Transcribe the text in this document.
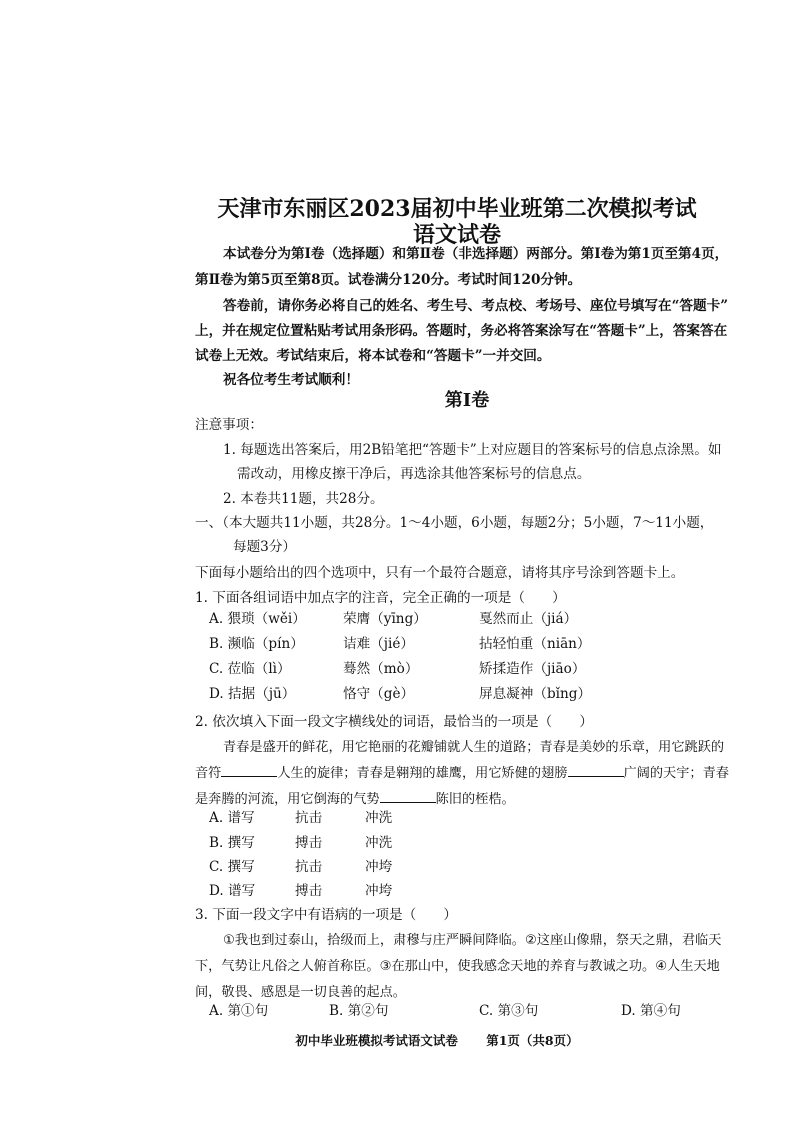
天津市东丽区2023届初中毕业班第二次模拟考试
语文试卷
本试卷分为第Ⅰ卷（选择题）和第Ⅱ卷（非选择题）两部分。第Ⅰ卷为第1页至第4页，
第Ⅱ卷为第5页至第8页。试卷满分120分。考试时间120分钟。
答卷前，请你务必将自己的姓名、考生号、考点校、考场号、座位号填写在“答题卡”
上，并在规定位置粘贴考试用条形码。答题时，务必将答案涂写在“答题卡”上，答案答在
试卷上无效。考试结束后，将本试卷和“答题卡”一并交回。
祝各位考生考试顺利！
第Ⅰ卷
注意事项：
1. 每题选出答案后，用2B铅笔把“答题卡”上对应题目的答案标号的信息点涂黑。如
需改动，用橡皮擦干净后，再选涂其他答案标号的信息点。
2. 本卷共11题，共28分。
一、（本大题共11小题，共28分。1～4小题，6小题，每题2分；5小题，7～11小题，
每题3分）
下面每小题给出的四个选项中，只有一个最符合题意，请将其序号涂到答题卡上。
1. 下面各组词语中加点字的注音，完全正确的一项是（　　）
A. 猥琐（wěi）	荣膺（yīng）	戛然而止（jiá）
B. 濒临（pín）	诘难（jié）	拈轻怕重（niān）
C. 莅临（lì）	蓦然（mò）	矫揉造作（jiāo）
D. 拮据（jū）	恪守（gè）	屏息凝神（bǐng）
2. 依次填入下面一段文字横线处的词语，最恰当的一项是（　　）
青春是盛开的鲜花，用它艳丽的花瓣铺就人生的道路；青春是美妙的乐章，用它跳跃的
音符	人生的旋律；青春是翱翔的雄鹰，用它矫健的翅膀	广阔的天宇；青春
是奔腾的河流，用它倒海的气势	陈旧的桎梏。
A. 谱写	抗击	冲洗
B. 撰写	搏击	冲洗
C. 撰写	抗击	冲垮
D. 谱写	搏击	冲垮
3. 下面一段文字中有语病的一项是（　　）
①我也到过泰山，拾级而上，肃穆与庄严瞬间降临。②这座山像鼎，祭天之鼎，君临天
下，气势让凡俗之人俯首称臣。③在那山中，使我感念天地的养育与教诚之功。④人生天地
间，敬畏、感恩是一切良善的起点。
A. 第①句	B. 第②句	C. 第③句	D. 第④句
初中毕业班模拟考试语文试卷 第1页（共8页）
